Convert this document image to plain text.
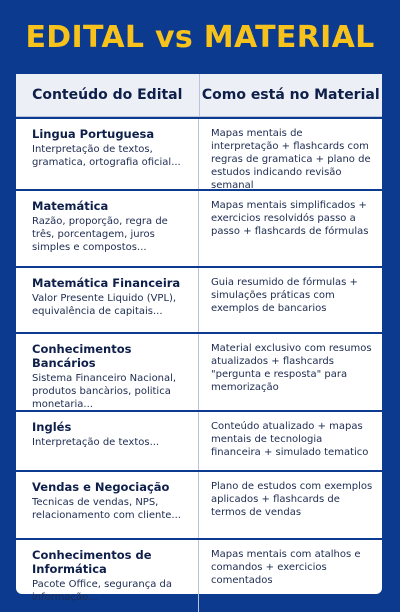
EDITAL vs MATERIAL
Conteúdo do Edital	Como está no Material
Lingua Portuguesa
Interpretação de textos, gramatica, ortografia oficial...
Mapas mentais de interpretação + flashcards com regras de gramatica + plano de estudos indicando revisão semanal
Matemática
Razão, proporção, regra de três, porcentagem, juros simples e compostos...
Mapas mentais simplificados + exercicios resolvidós passo a passo + flashcards de fórmulas
Matemática Financeira
Valor Presente Liquido (VPL), equivalência de capitais...
Guia resumido de fórmulas + simulações práticas com exemplos de bancarios
Conhecimentos Bancários
Sistema Financeiro Nacional, produtos bancàrios, politica monetaria...
Material exclusivo com resumos atualizados + flashcards "pergunta e resposta" para memorização
Inglés
Interpretação de textos...
Conteúdo atualizado + mapas mentais de tecnologia financeira + simulado tematico
Vendas e Negociação
Tecnicas de vendas, NPS, relacionamento com cliente...
Plano de estudos com exemplos aplicados + flashcards de termos de vendas
Conhecimentos de Informática
Pacote Office, segurança da informação...
Mapas mentais com atalhos e comandos + exercicios comentados
